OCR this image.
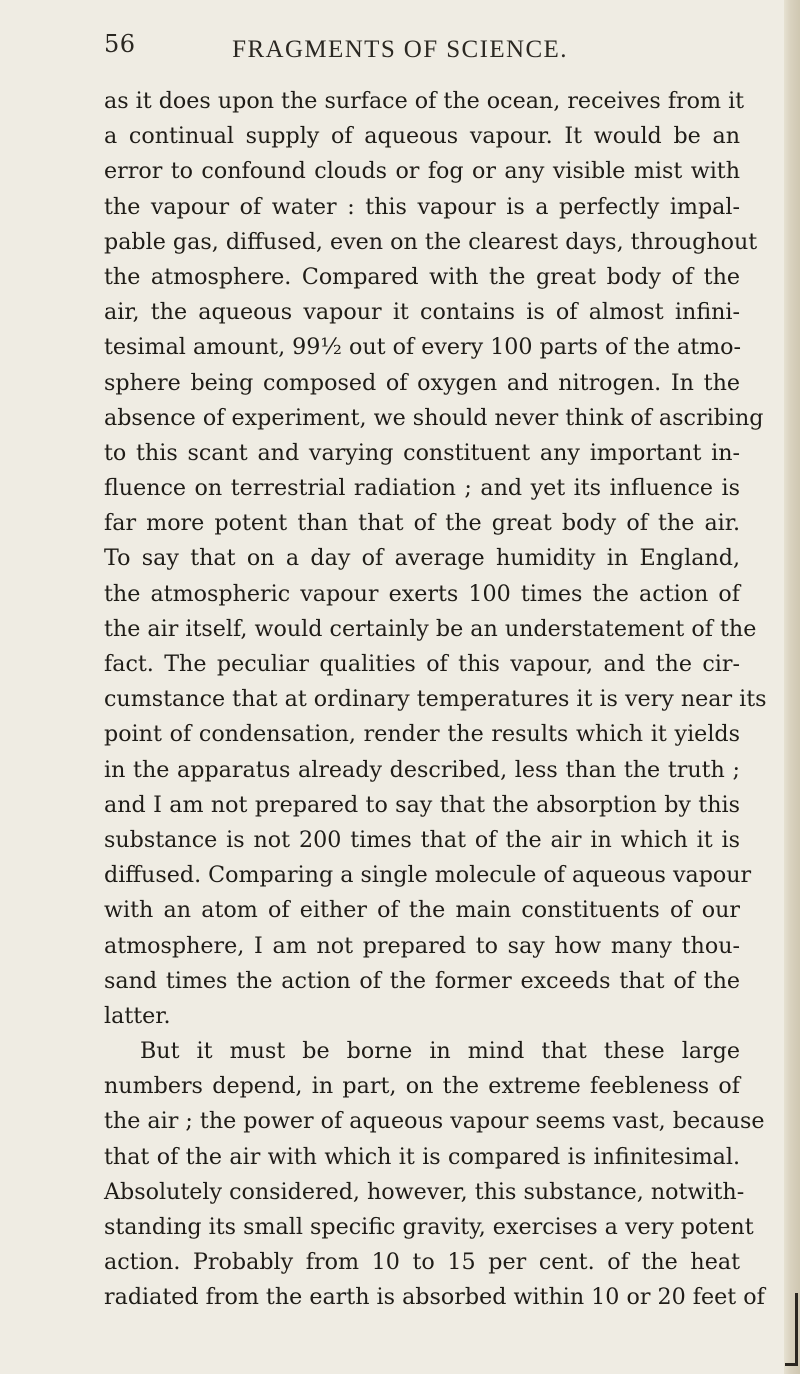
56	FRAGMENTS OF SCIENCE.
as it does upon the surface of the ocean, receives from it
a continual supply of aqueous vapour. It would be an
error to confound clouds or fog or any visible mist with
the vapour of water : this vapour is a perfectly impal-
pable gas, diffused, even on the clearest days, throughout
the atmosphere. Compared with the great body of the
air, the aqueous vapour it contains is of almost infini-
tesimal amount, 99½ out of every 100 parts of the atmo-
sphere being composed of oxygen and nitrogen. In the
absence of experiment, we should never think of ascribing
to this scant and varying constituent any important in-
fluence on terrestrial radiation ; and yet its influence is
far more potent than that of the great body of the air.
To say that on a day of average humidity in England,
the atmospheric vapour exerts 100 times the action of
the air itself, would certainly be an understatement of the
fact. The peculiar qualities of this vapour, and the cir-
cumstance that at ordinary temperatures it is very near its
point of condensation, render the results which it yields
in the apparatus already described, less than the truth ;
and I am not prepared to say that the absorption by this
substance is not 200 times that of the air in which it is
diffused. Comparing a single molecule of aqueous vapour
with an atom of either of the main constituents of our
atmosphere, I am not prepared to say how many thou-
sand times the action of the former exceeds that of the
latter.
But it must be borne in mind that these large
numbers depend, in part, on the extreme feebleness of
the air ; the power of aqueous vapour seems vast, because
that of the air with which it is compared is infinitesimal.
Absolutely considered, however, this substance, notwith-
standing its small specific gravity, exercises a very potent
action. Probably from 10 to 15 per cent. of the heat
radiated from the earth is absorbed within 10 or 20 feet of
